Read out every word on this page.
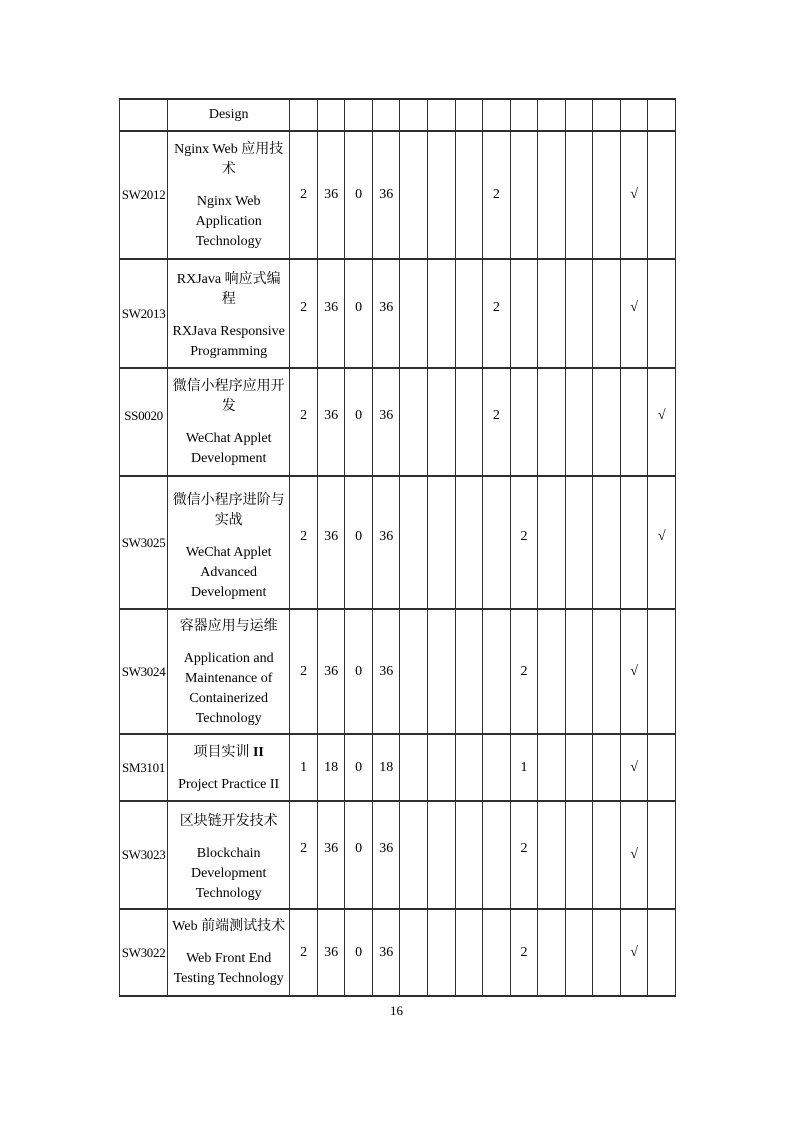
	Design														

SW2012	Nginx Web 应用技
术
Nginx Web
Application
Technology	2	36	0	36				2					√	

SW2013	RXJava 响应式编
程
RXJava Responsive
Programming	2	36	0	36				2					√	

SS0020	微信小程序应用开
发
WeChat Applet
Development	2	36	0	36				2						√

SW3025	微信小程序进阶与
实战
WeChat Applet
Advanced
Development	2	36	0	36					2					√

SW3024	容器应用与运维
Application and
Maintenance of
Containerized
Technology	2	36	0	36					2				√	

SM3101	项目实训 II
Project Practice II	1	18	0	18					1				√	

SW3023	区块链开发技术
Blockchain
Development
Technology	2	36	0	36					2				√	

SW3022	Web 前端测试技术
Web Front End
Testing Technology	2	36	0	36					2				√	

16
